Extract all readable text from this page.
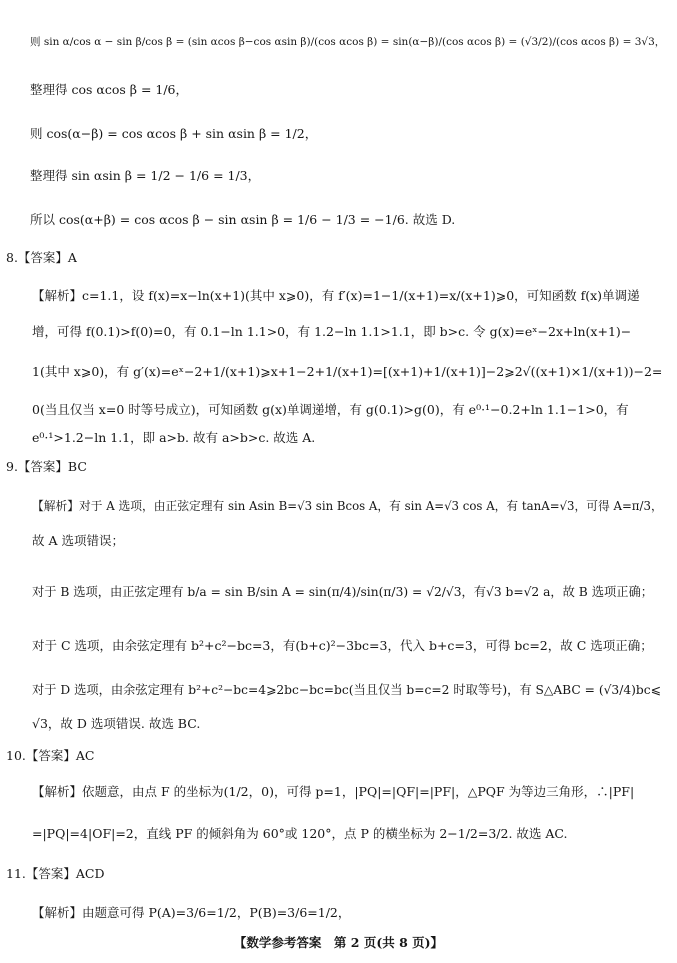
则 sin α/cos α − sin β/cos β = (sin αcos β−cos αsin β)/(cos αcos β) = sin(α−β)/(cos αcos β) = (√3/2)/(cos αcos β) = 3√3，
整理得 cos αcos β = 1/6，
则 cos(α−β) = cos αcos β + sin αsin β = 1/2，
整理得 sin αsin β = 1/2 − 1/6 = 1/3，
所以 cos(α+β) = cos αcos β − sin αsin β = 1/6 − 1/3 = −1/6. 故选 D.
8.【答案】A
【解析】c=1.1，设 f(x)=x−ln(x+1)(其中 x⩾0)，有 f′(x)=1−1/(x+1)=x/(x+1)⩾0，可知函数 f(x)单调递
增，可得 f(0.1)>f(0)=0，有 0.1−ln 1.1>0，有 1.2−ln 1.1>1.1，即 b>c. 令 g(x)=eˣ−2x+ln(x+1)−
1(其中 x⩾0)，有 g′(x)=eˣ−2+1/(x+1)⩾x+1−2+1/(x+1)=[(x+1)+1/(x+1)]−2⩾2√((x+1)×1/(x+1))−2=
0(当且仅当 x=0 时等号成立)，可知函数 g(x)单调递增，有 g(0.1)>g(0)，有 e⁰·¹−0.2+ln 1.1−1>0，有
e⁰·¹>1.2−ln 1.1，即 a>b. 故有 a>b>c. 故选 A.
9.【答案】BC
【解析】对于 A 选项，由正弦定理有 sin Asin B=√3 sin Bcos A，有 sin A=√3 cos A，有 tanA=√3，可得 A=π/3，
故 A 选项错误；
对于 B 选项，由正弦定理有 b/a = sin B/sin A = sin(π/4)/sin(π/3) = √2/√3，有√3 b=√2 a，故 B 选项正确；
对于 C 选项，由余弦定理有 b²+c²−bc=3，有(b+c)²−3bc=3，代入 b+c=3，可得 bc=2，故 C 选项正确；
对于 D 选项，由余弦定理有 b²+c²−bc=4⩾2bc−bc=bc(当且仅当 b=c=2 时取等号)，有 S△ABC = (√3/4)bc⩽
√3，故 D 选项错误. 故选 BC.
10.【答案】AC
【解析】依题意，由点 F 的坐标为(1/2，0)，可得 p=1，|PQ|=|QF|=|PF|，△PQF 为等边三角形，∴|PF|
=|PQ|=4|OF|=2，直线 PF 的倾斜角为 60°或 120°，点 P 的横坐标为 2−1/2=3/2. 故选 AC.
11.【答案】ACD
【解析】由题意可得 P(A)=3/6=1/2，P(B)=3/6=1/2，
【数学参考答案　第 2 页(共 8 页)】
